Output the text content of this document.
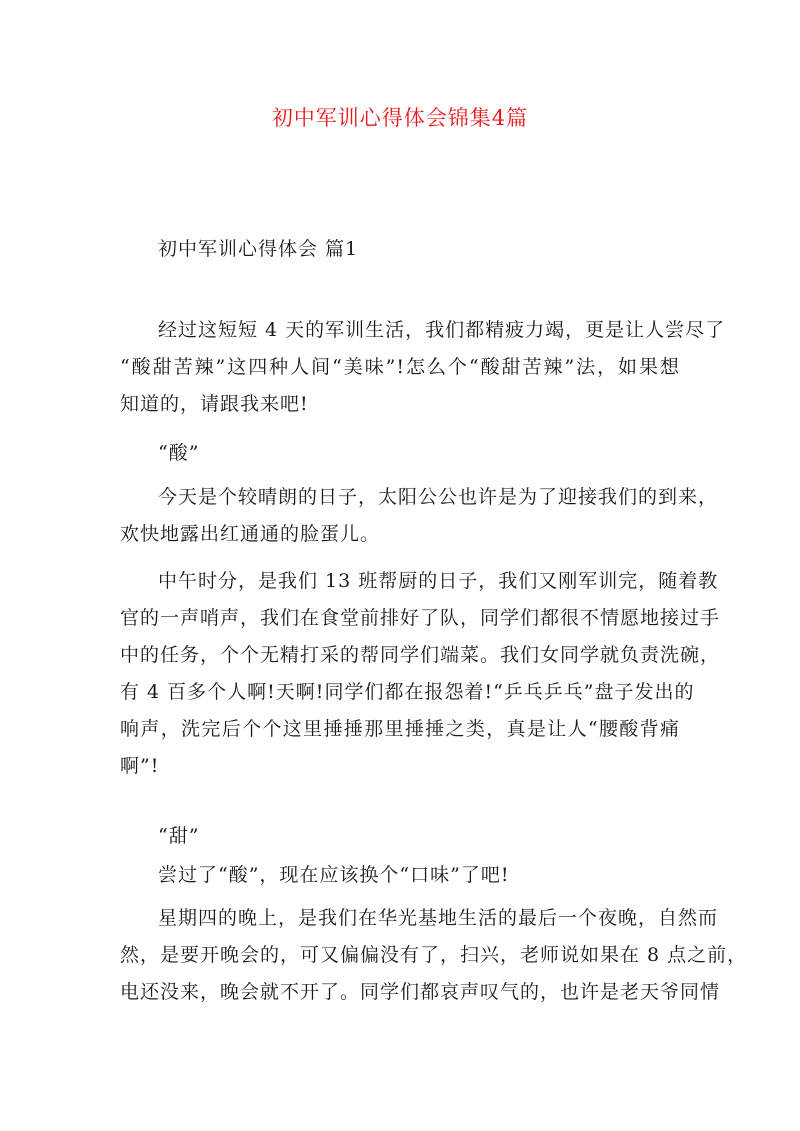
初中军训心得体会锦集4篇
初中军训心得体会 篇1
经过这短短 4 天的军训生活，我们都精疲力竭，更是让人尝尽了
“酸甜苦辣”这四种人间“美味”!怎么个“酸甜苦辣”法，如果想
知道的，请跟我来吧!
“酸”
今天是个较晴朗的日子，太阳公公也许是为了迎接我们的到来，
欢快地露出红通通的脸蛋儿。
中午时分，是我们 13 班帮厨的日子，我们又刚军训完，随着教
官的一声哨声，我们在食堂前排好了队，同学们都很不情愿地接过手
中的任务，个个无精打采的帮同学们端菜。我们女同学就负责洗碗，
有 4 百多个人啊!天啊!同学们都在报怨着!“乒乓乒乓”盘子发出的
响声，洗完后个个这里捶捶那里捶捶之类，真是让人“腰酸背痛
啊”!
“甜”
尝过了“酸”，现在应该换个“口味”了吧!
星期四的晚上，是我们在华光基地生活的最后一个夜晚，自然而
然，是要开晚会的，可又偏偏没有了，扫兴，老师说如果在 8 点之前，
电还没来，晚会就不开了。同学们都哀声叹气的，也许是老天爷同情
